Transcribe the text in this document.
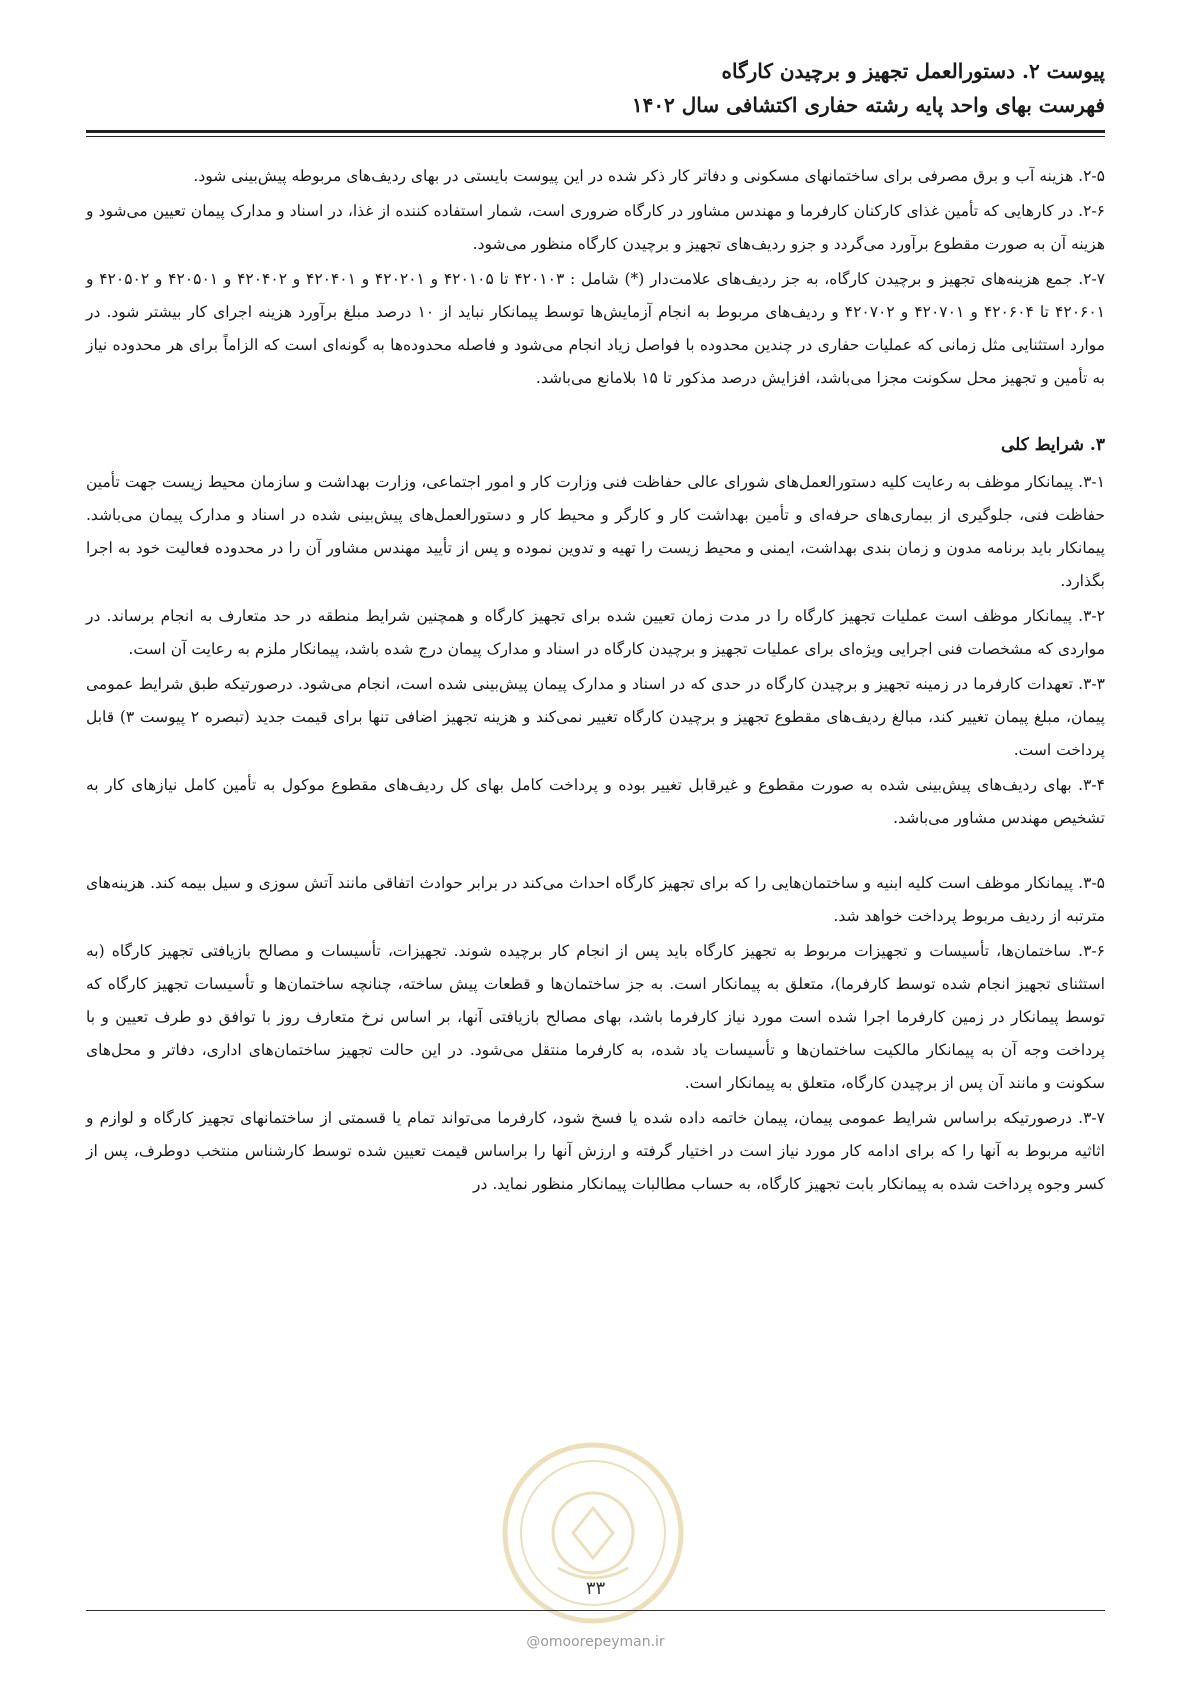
پیوست ۲. دستورالعمل تجهیز و برچیدن کارگاه
فهرست بهای واحد پایه رشته حفاری اکتشافی سال ۱۴۰۲

۲-۵. هزینه آب و برق مصرفی برای ساختمانهای مسکونی و دفاتر کار ذکر شده در این پیوست بایستی در بهای ردیف‌های مربوطه پیش‌بینی شود.

۲-۶. در کارهایی که تأمین غذای کارکنان کارفرما و مهندس مشاور در کارگاه ضروری است، شمار استفاده کننده از غذا، در اسناد و مدارک پیمان تعیین می‌شود و هزینه آن به صورت مقطوع برآورد می‌گردد و جزو ردیف‌های تجهیز و برچیدن کارگاه منظور می‌شود.

۲-۷. جمع هزینه‌های تجهیز و برچیدن کارگاه، به جز ردیف‌های علامت‌دار (*) شامل : ۴۲۰۱۰۳ تا ۴۲۰۱۰۵ و ۴۲۰۲۰۱ و ۴۲۰۴۰۱ و ۴۲۰۴۰۲ و ۴۲۰۵۰۱ و ۴۲۰۵۰۲ و ۴۲۰۶۰۱ تا ۴۲۰۶۰۴ و ۴۲۰۷۰۱ و ۴۲۰۷۰۲ و ردیف‌های مربوط به انجام آزمایش‌ها توسط پیمانکار نباید از ۱۰ درصد مبلغ برآورد هزینه اجرای کار بیشتر شود. در موارد استثنایی مثل زمانی که عملیات حفاری در چندین محدوده با فواصل زیاد انجام می‌شود و فاصله محدوده‌ها به گونه‌ای است که الزاماً برای هر محدوده نیاز به تأمین و تجهیز محل سکونت مجزا می‌باشد، افزایش درصد مذکور تا ۱۵ بلامانع می‌باشد.

۳. شرایط کلی

۳-۱. پیمانکار موظف به رعایت کلیه دستورالعمل‌های شورای عالی حفاظت فنی وزارت کار و امور اجتماعی، وزارت بهداشت و سازمان محیط زیست جهت تأمین حفاظت فنی، جلوگیری از بیماری‌های حرفه‌ای و تأمین بهداشت کار و کارگر و محیط کار و دستورالعمل‌های پیش‌بینی شده در اسناد و مدارک پیمان می‌باشد. پیمانکار باید برنامه مدون و زمان بندی بهداشت، ایمنی و محیط زیست را تهیه و تدوین نموده و پس از تأیید مهندس مشاور آن را در محدوده فعالیت خود به اجرا بگذارد.

۳-۲. پیمانکار موظف است عملیات تجهیز کارگاه را در مدت زمان تعیین شده برای تجهیز کارگاه و همچنین شرایط منطقه در حد متعارف به انجام برساند. در مواردی که مشخصات فنی اجرایی ویژه‌ای برای عملیات تجهیز و برچیدن کارگاه در اسناد و مدارک پیمان درج شده باشد، پیمانکار ملزم به رعایت آن است.

۳-۳. تعهدات کارفرما در زمینه تجهیز و برچیدن کارگاه در حدی که در اسناد و مدارک پیمان پیش‌بینی شده است، انجام می‌شود. درصورتیکه طبق شرایط عمومی پیمان، مبلغ پیمان تغییر کند، مبالغ ردیف‌های مقطوع تجهیز و برچیدن کارگاه تغییر نمی‌کند و هزینه تجهیز اضافی تنها برای قیمت جدید (تبصره ۲ پیوست ۳) قابل پرداخت است.

۳-۴. بهای ردیف‌های پیش‌بینی شده به صورت مقطوع و غیرقابل تغییر بوده و پرداخت کامل بهای کل ردیف‌های مقطوع موکول به تأمین کامل نیازهای کار به تشخیص مهندس مشاور می‌باشد.

۳-۵. پیمانکار موظف است کلیه ابنیه و ساختمان‌هایی را که برای تجهیز کارگاه احداث می‌کند در برابر حوادث اتفاقی مانند آتش سوزی و سیل بیمه کند. هزینه‌های مترتبه از ردیف مربوط پرداخت خواهد شد.

۳-۶. ساختمان‌ها، تأسیسات و تجهیزات مربوط به تجهیز کارگاه باید پس از انجام کار برچیده شوند. تجهیزات، تأسیسات و مصالح بازیافتی تجهیز کارگاه (به استثنای تجهیز انجام شده توسط کارفرما)، متعلق به پیمانکار است. به جز ساختمان‌ها و قطعات پیش ساخته، چنانچه ساختمان‌ها و تأسیسات تجهیز کارگاه که توسط پیمانکار در زمین کارفرما اجرا شده است مورد نیاز کارفرما باشد، بهای مصالح بازیافتی آنها، بر اساس نرخ متعارف روز با توافق دو طرف تعیین و با پرداخت وجه آن به پیمانکار مالکیت ساختمان‌ها و تأسیسات یاد شده، به کارفرما منتقل می‌شود. در این حالت تجهیز ساختمان‌های اداری، دفاتر و محل‌های سکونت و مانند آن پس از برچیدن کارگاه، متعلق به پیمانکار است.

۳-۷. درصورتیکه براساس شرایط عمومی پیمان، پیمان خاتمه داده شده یا فسخ شود، کارفرما می‌تواند تمام یا قسمتی از ساختمانهای تجهیز کارگاه و لوازم و اثاثیه مربوط به آنها را که برای ادامه کار مورد نیاز است در اختیار گرفته و ارزش آنها را براساس قیمت تعیین شده توسط کارشناس منتخب دوطرف، پس از کسر وجوه پرداخت شده به پیمانکار بابت تجهیز کارگاه، به حساب مطالبات پیمانکار منظور نماید. در

۳۳
@omoorepeyman.ir
